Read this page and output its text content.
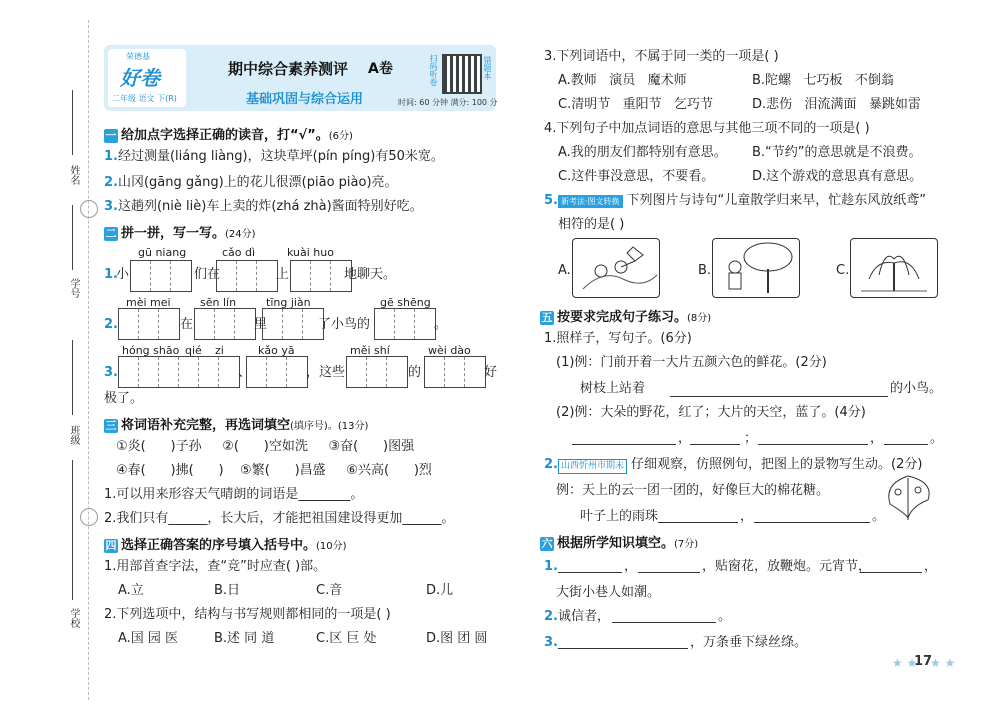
姓名
学号
班级
学校
荣德基
好卷
二年级 语文 下(R)
期中综合素养测评 A卷
基础巩固与综合运用
扫码听卷	错题本
时间: 60 分钟 满分: 100 分
一 给加点字选择正确的读音，打“√”。(6分)
1.经过测量(liáng liàng)，这块草坪(pín píng)有50米宽。
2.山冈(gāng gǎng)上的花儿很漂(piāo piào)亮。
3.这趟列(niè liè)车上卖的炸(zhá zhà)酱面特别好吃。
二 拼一拼，写一写。(24分)
gū niang	cǎo dì	kuài huo
1.
小	们在	上	地聊天。
mèi mei	sēn lín	tīng jiàn	gē shēng
2.	在	里	了小鸟的	。
hóng shāo qié zi	kǎo yā	měi shí	wèi dào
3.	、	，这些	的	好
极了。
三 将词语补充完整，再选词填空(填序号)。(13分)
①炎(      )子孙     ②(      )空如洗     ③奋(      )图强
④春(      )拂(      )    ⑤繁(      )昌盛     ⑥兴高(      )烈
1.可以用来形容天气晴朗的词语是________。
2.我们只有______，长大后，才能把祖国建设得更加______。
四 选择正确答案的序号填入括号中。(10分)
1.用部首查字法，查“竞”时应查( )部。
A.立	B.日	C.音	D.儿
2.下列选项中，结构与书写规则都相同的一项是( )
A.国 园 医	B.述 同 道	C.区 巨 处	D.图 团 圆
3.下列词语中，不属于同一类的一项是( )
A.教师   演员   魔术师	B.陀螺   七巧板   不倒翁
C.清明节   重阳节   乞巧节	D.悲伤   泪流满面   暴跳如雷
4.下列句子中加点词语的意思与其他三项不同的一项是( )
A.我的朋友们都特别有意思。 B.“节约”的意思就是不浪费。
C.这件事没意思，不要看。	D.这个游戏的意思真有意思。
5. 新考法·图文转换 下列图片与诗句“儿童散学归来早，忙趁东风放纸鸢”
相符的是( )
A.	B.	C.
五 按要求完成句子练习。(8分)
1.照样子，写句子。(6分)
(1)例：门前开着一大片五颜六色的鲜花。(2分)
树枝上站着	的小鸟。
(2)例：大朵的野花，红了；大片的天空，蓝了。(4分)
，	；	，	。
2. 山西忻州市期末 仔细观察，仿照例句，把图上的景物写生动。(2分)
例：天上的云一团一团的，好像巨大的棉花糖。
叶子上的雨珠	，	。
六 根据所学知识填空。(7分)
1.	，	，贴窗花，放鞭炮。元宵节，	，
大街小巷人如潮。
2. 诚信者，	。
3.	，万条垂下绿丝绦。
★ ★
17
★ ★
